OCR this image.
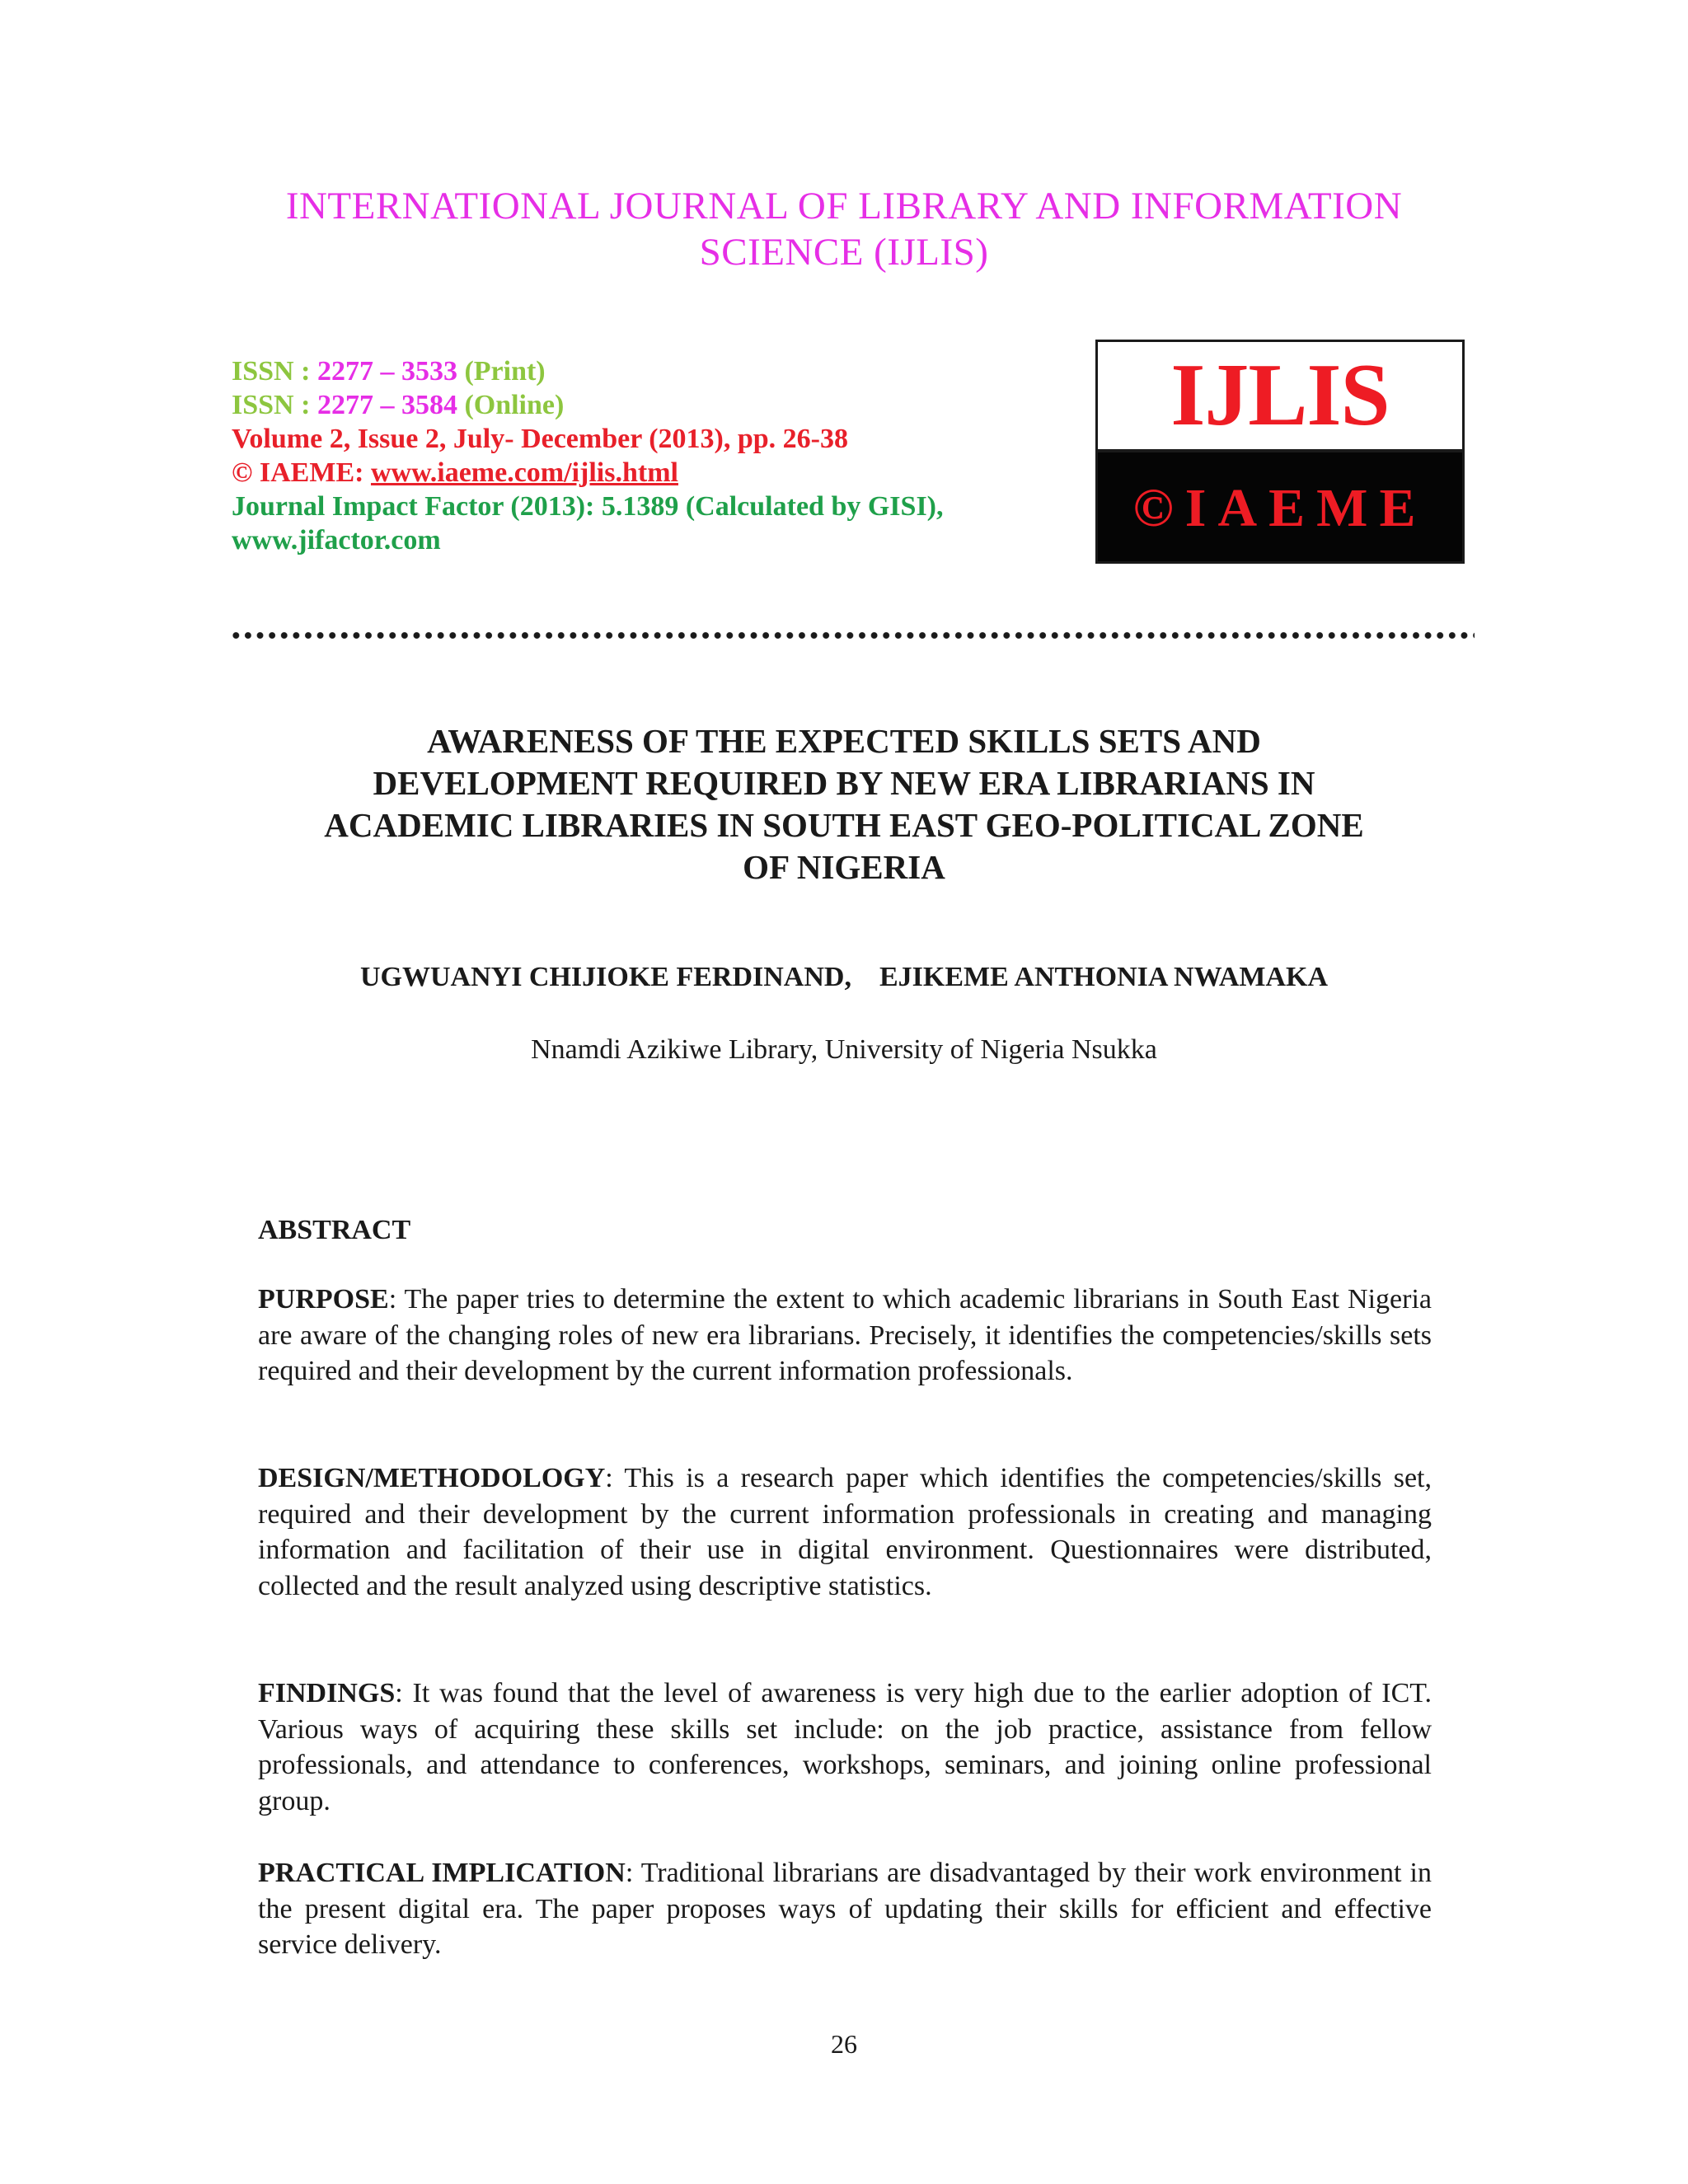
INTERNATIONAL JOURNAL OF LIBRARY AND INFORMATION
SCIENCE (IJLIS)
ISSN : 2277 – 3533 (Print)
ISSN : 2277 – 3584 (Online)
Volume 2, Issue 2, July- December (2013), pp. 26-38
© IAEME: www.iaeme.com/ijlis.html
Journal Impact Factor (2013): 5.1389 (Calculated by GISI),
www.jifactor.com
IJLIS
©IAEME
AWARENESS OF THE EXPECTED SKILLS SETS AND
DEVELOPMENT REQUIRED BY NEW ERA LIBRARIANS IN
ACADEMIC LIBRARIES IN SOUTH EAST GEO-POLITICAL ZONE
OF NIGERIA
UGWUANYI CHIJIOKE FERDINAND,    EJIKEME ANTHONIA NWAMAKA
Nnamdi Azikiwe Library, University of Nigeria Nsukka
ABSTRACT
PURPOSE: The paper tries to determine the extent to which academic librarians in South East Nigeria are aware of the changing roles of new era librarians. Precisely, it identifies the competencies/skills sets required and their development by the current information professionals.
DESIGN/METHODOLOGY: This is a research paper which identifies the competencies/skills set, required and their development by the current information professionals in creating and managing information and facilitation of their use in digital environment. Questionnaires were distributed, collected and the result analyzed using descriptive statistics.
FINDINGS: It was found that the level of awareness is very high due to the earlier adoption of ICT. Various ways of acquiring these skills set include: on the job practice, assistance from fellow professionals, and attendance to conferences, workshops, seminars, and joining online professional group.
PRACTICAL IMPLICATION: Traditional librarians are disadvantaged by their work environment in the present digital era. The paper proposes ways of updating their skills for efficient and effective service delivery.
26
